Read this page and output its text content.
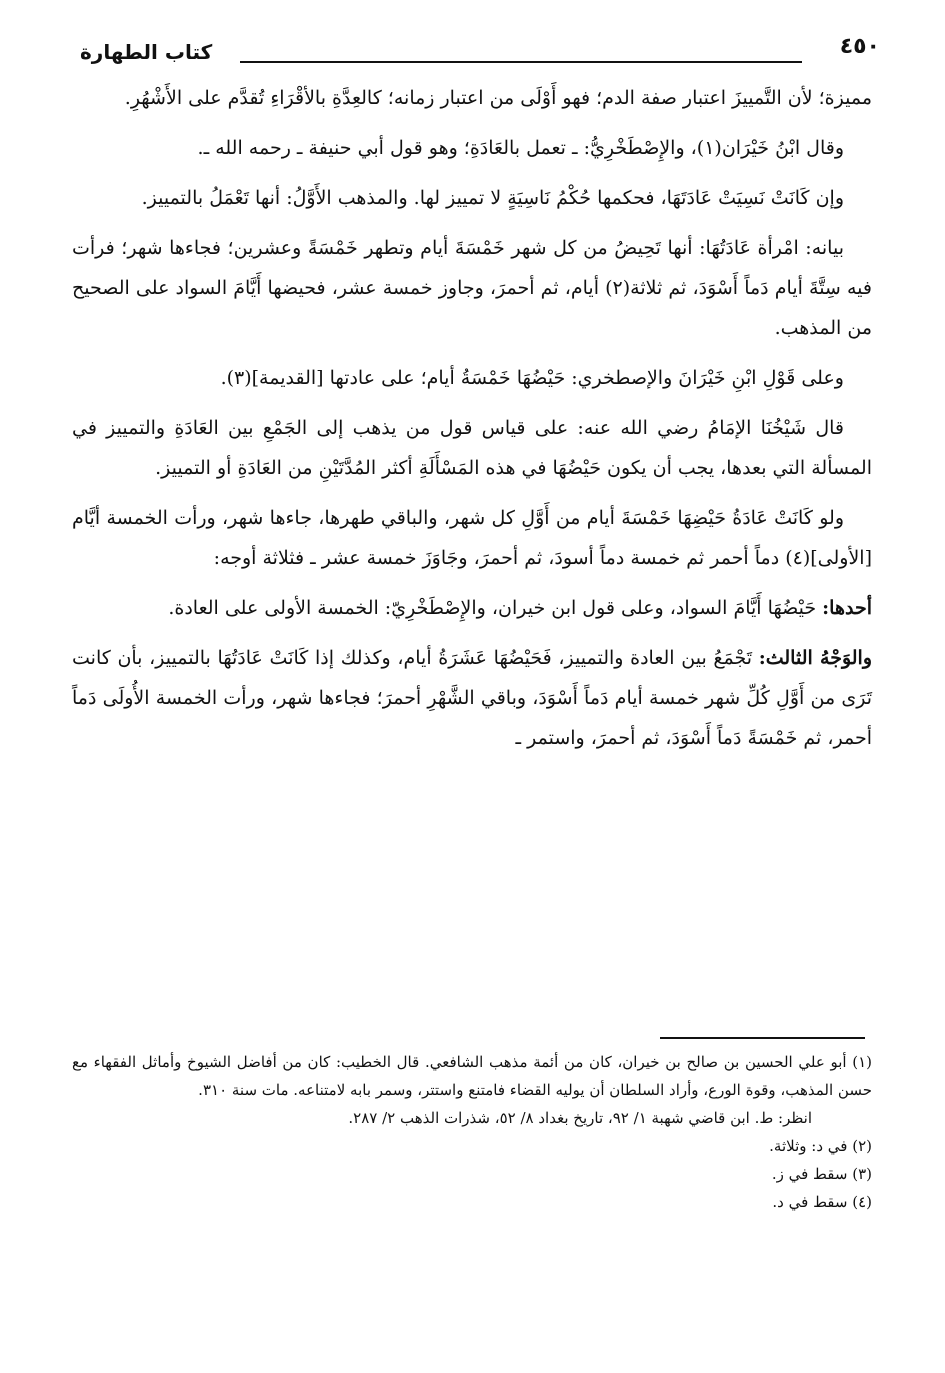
٤٥٠
كتاب الطهارة

مميزة؛ لأن التَّمييزَ اعتبار صفة الدم؛ فهو أَوْلَى من اعتبار زمانه؛ كالعِدَّةِ بالأقْرَاءِ تُقدَّم على الأَشْهُرِ.

وقال ابْنُ خَيْرَان(١)، والإِصْطَخْرِيُّ: ـ تعمل بالعَادَةِ؛ وهو قول أبي حنيفة ـ رحمه الله ـ.

وإن كَانَتْ نَسِيَتْ عَادَتَهَا، فحكمها حُكْمُ نَاسِيَةٍ لا تمييز لها. والمذهب الأَوَّلُ: أنها تَعْمَلُ بالتمييز.

بيانه: امْرأة عَادَتُهَا: أنها تَحِيضُ من كل شهر خَمْسَةَ أيام وتطهر خَمْسَةً وعشرين؛ فجاءها شهر؛ فرأت فيه سِتَّةَ أيام دَماً أَسْوَدَ، ثم ثلاثة(٢) أيام، ثم أحمرَ، وجاوز خمسة عشر، فحيضها أَيَّامَ السواد على الصحيح من المذهب.

وعلى قَوْلِ ابْنِ خَيْرَانَ والإصطخري: حَيْضُهَا خَمْسَةُ أيام؛ على عادتها [القديمة](٣).

قال شَيْخُنَا الإمَامُ رضي الله عنه: على قياس قول من يذهب إلى الجَمْعِ بين العَادَةِ والتمييز في المسألة التي بعدها، يجب أن يكون حَيْضُهَا في هذه المَسْأَلَةِ أكثر المُدَّتَيْنِ من العَادَةِ أو التمييز.

ولو كَانَتْ عَادَةُ حَيْضِهَا خَمْسَةَ أيام من أَوَّلِ كل شهر، والباقي طهرها، جاءها شهر، ورأت الخمسة أيَّام [الأولى](٤) دماً أحمر ثم خمسة دماً أسودَ، ثم أحمرَ، وجَاوَزَ خمسة عشر ـ فثلاثة أوجه:

أحدها: حَيْضُهَا أَيَّامَ السواد، وعلى قول ابن خيران، والإِصْطَخْرِيّ: الخمسة الأولى على العادة.

والوَجْهُ الثالث: تَجْمَعُ بين العادة والتمييز، فَحَيْضُهَا عَشَرَةُ أيام، وكذلك إذا كَانَتْ عَادَتُهَا بالتمييز، بأن كانت تَرَى من أَوَّلِ كُلِّ شهر خمسة أيام دَماً أَسْوَدَ، وباقي الشَّهْرِ أحمرَ؛ فجاءها شهر، ورأت الخمسة الأُولَى دَماً أحمر، ثم خَمْسَةً دَماً أَسْوَدَ، ثم أحمرَ، واستمر ـ

(١) أبو علي الحسين بن صالح بن خيران، كان من أئمة مذهب الشافعي. قال الخطيب: كان من أفاضل الشيوخ وأماثل الفقهاء مع حسن المذهب، وقوة الورع، وأراد السلطان أن يوليه القضاء فامتنع واستتر، وسمر بابه لامتناعه. مات سنة ٣١٠.

انظر: ط. ابن قاضي شهبة ١/ ٩٢، تاريخ بغداد ٨/ ٥٢، شذرات الذهب ٢/ ٢٨٧.

(٢) في د: وثلاثة.

(٣) سقط في ز.

(٤) سقط في د.
